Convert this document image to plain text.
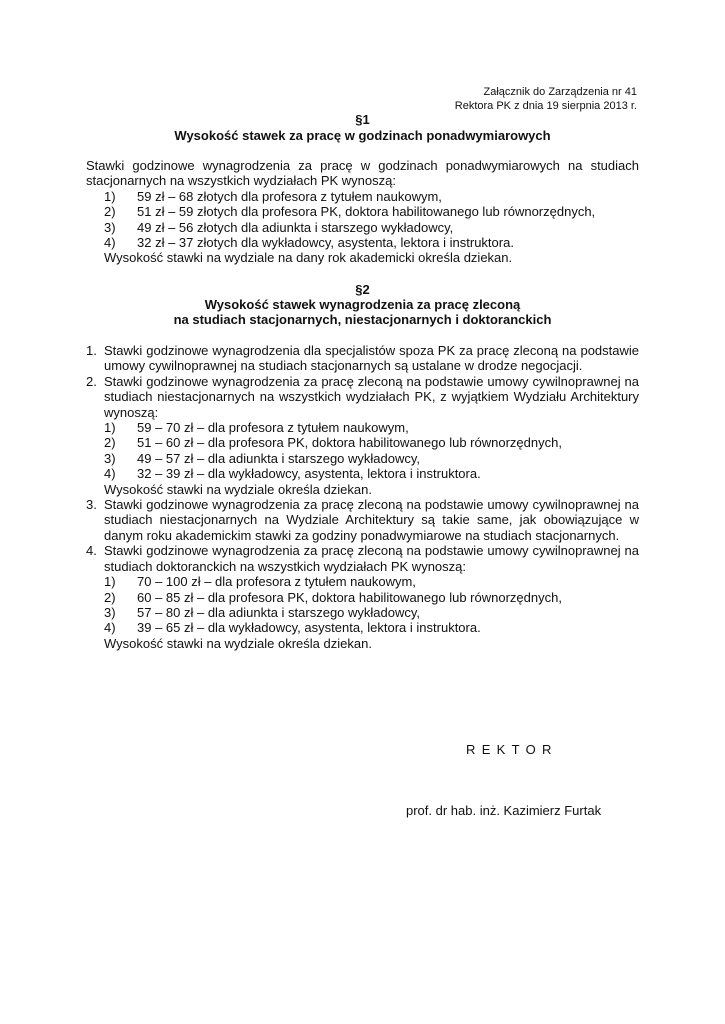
Załącznik do Zarządzenia nr 41
Rektora PK z dnia 19 sierpnia 2013 r.
§1
Wysokość stawek za pracę w godzinach ponadwymiarowych
Stawki godzinowe wynagrodzenia za pracę w godzinach ponadwymiarowych na studiach
stacjonarnych na wszystkich wydziałach PK wynoszą:
1)	59 zł – 68 złotych dla profesora z tytułem naukowym,
2)	51 zł – 59 złotych dla profesora PK, doktora habilitowanego lub równorzędnych,
3)	49 zł – 56 złotych dla adiunkta i starszego wykładowcy,
4)	32 zł – 37 złotych dla wykładowcy, asystenta, lektora i instruktora.
Wysokość stawki na wydziale na dany rok akademicki określa dziekan.
§2
Wysokość stawek wynagrodzenia za pracę zleconą
na studiach stacjonarnych, niestacjonarnych i doktoranckich
1. Stawki godzinowe wynagrodzenia dla specjalistów spoza PK za pracę zleconą na podstawie umowy cywilnoprawnej na studiach stacjonarnych są ustalane w drodze negocjacji.
2. Stawki godzinowe wynagrodzenia za pracę zleconą na podstawie umowy cywilnoprawnej na studiach niestacjonarnych na wszystkich wydziałach PK, z wyjątkiem Wydziału Architektury wynoszą:
1)	59 – 70 zł – dla profesora z tytułem naukowym,
2)	51 – 60 zł – dla profesora PK, doktora habilitowanego lub równorzędnych,
3)	49 – 57 zł – dla adiunkta i starszego wykładowcy,
4)	32 – 39 zł – dla wykładowcy, asystenta, lektora i instruktora.
Wysokość stawki na wydziale określa dziekan.
3. Stawki godzinowe wynagrodzenia za pracę zleconą na podstawie umowy cywilnoprawnej na studiach niestacjonarnych na Wydziale Architektury są takie same, jak obowiązujące w danym roku akademickim stawki za godziny ponadwymiarowe na studiach stacjonarnych.
4. Stawki godzinowe wynagrodzenia za pracę zleconą na podstawie umowy cywilnoprawnej na studiach doktoranckich na wszystkich wydziałach PK wynoszą:
1)	70 – 100 zł – dla profesora z tytułem naukowym,
2)	60 – 85 zł – dla profesora PK, doktora habilitowanego lub równorzędnych,
3)	57 – 80 zł – dla adiunkta i starszego wykładowcy,
4)	39 – 65 zł – dla wykładowcy, asystenta, lektora i instruktora.
Wysokość stawki na wydziale określa dziekan.
REKTOR
prof. dr hab. inż. Kazimierz Furtak
